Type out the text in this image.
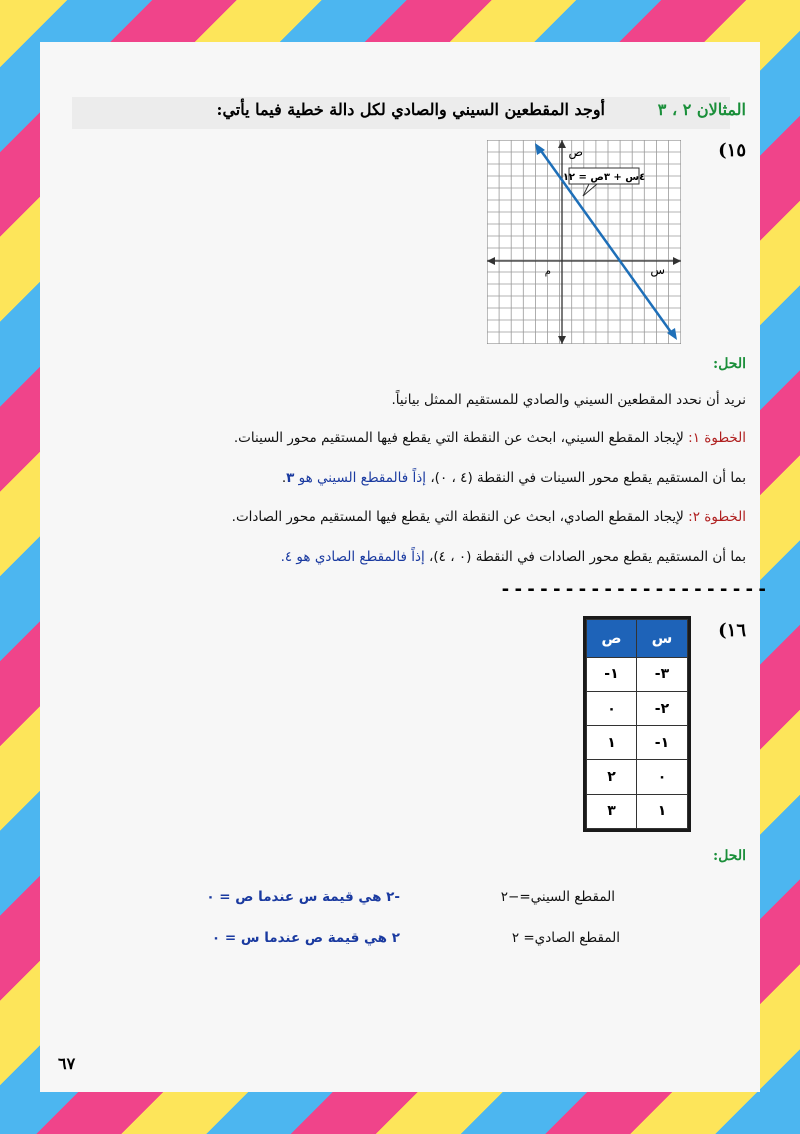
المثالان ٢ ، ٣
أوجد المقطعين السيني والصادي لكل دالة خطية فيما يأتي:
١٥)
٤س + ٣ص = ١٢
ص
س
م
الحل:
نريد أن نحدد المقطعين السيني والصادي للمستقيم الممثل بيانياً.
الخطوة ١: لإيجاد المقطع السيني، ابحث عن النقطة التي يقطع فيها المستقيم محور السينات.
بما أن المستقيم يقطع محور السينات في النقطة (٤ ، ٠)، إذاً فالمقطع السيني هو ٣.
الخطوة ٢: لإيجاد المقطع الصادي، ابحث عن النقطة التي يقطع فيها المستقيم محور الصادات.
بما أن المستقيم يقطع محور الصادات في النقطة (٠ ، ٤)، إذاً فالمقطع الصادي هو ٤.
---------------------
١٦)
ص	س
-١	-٣
٠	-٢
١	-١
٢	٠
٣	١
الحل:
المقطع السيني=−٢
-٢ هي قيمة س عندما ص = ٠
المقطع الصادي= ٢
٢ هي قيمة ص عندما س = ٠
٦٧
